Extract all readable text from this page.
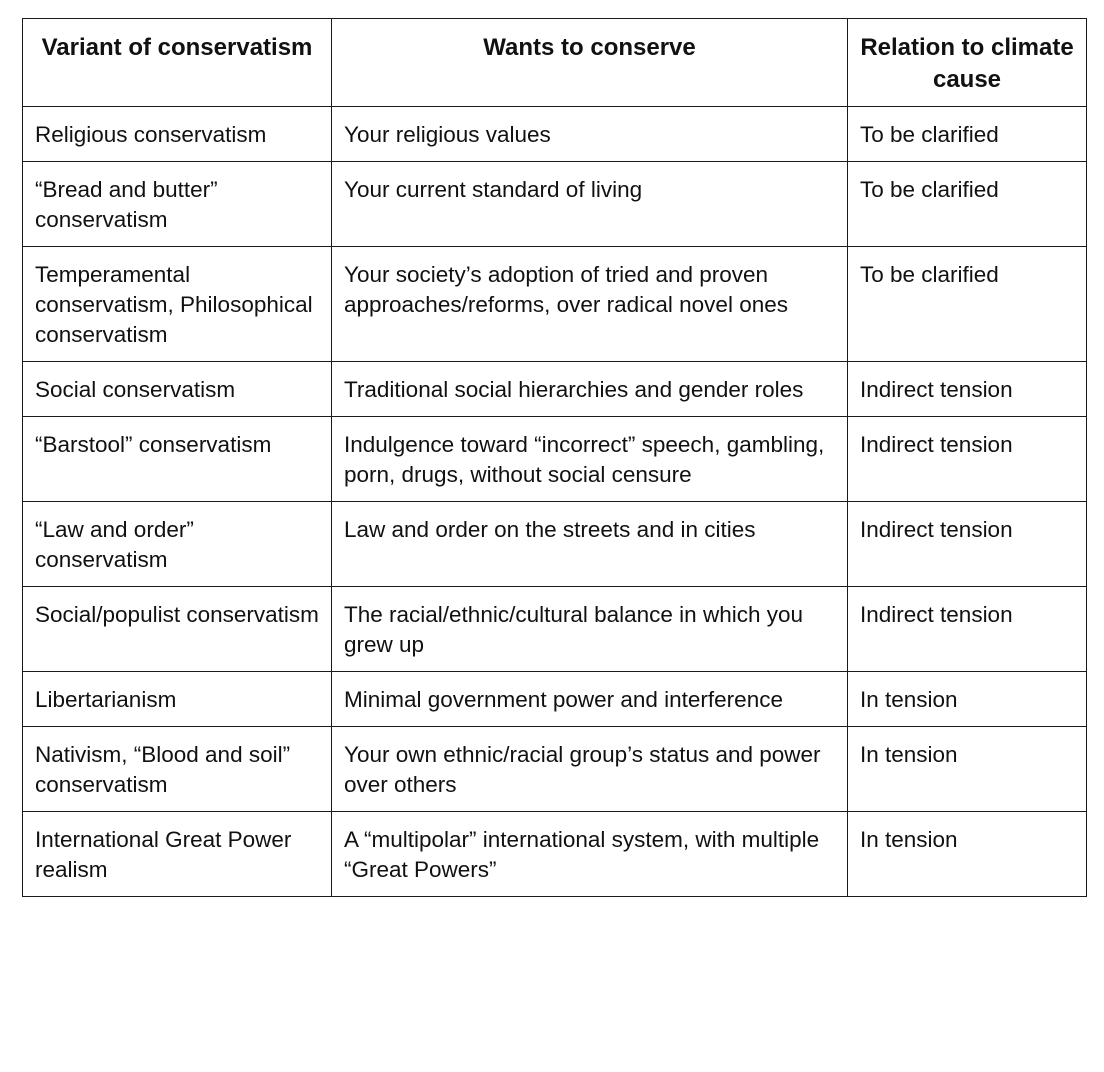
Variant of conservatism	Wants to conserve	Relation to climate cause
Religious conservatism	Your religious values	To be clarified
“Bread and butter” conservatism	Your current standard of living	To be clarified
Temperamental conservatism, Philosophical conservatism	Your society’s adoption of tried and proven approaches/reforms, over radical novel ones	To be clarified
Social conservatism	Traditional social hierarchies and gender roles	Indirect tension
“Barstool” conservatism	Indulgence toward “incorrect” speech, gambling, porn, drugs, without social censure	Indirect tension
“Law and order” conservatism	Law and order on the streets and in cities	Indirect tension
Social/populist conservatism	The racial/ethnic/cultural balance in which you grew up	Indirect tension
Libertarianism	Minimal government power and interference	In tension
Nativism, “Blood and soil” conservatism	Your own ethnic/racial group’s status and power over others	In tension
International Great Power realism	A “multipolar” international system, with multiple “Great Powers”	In tension
